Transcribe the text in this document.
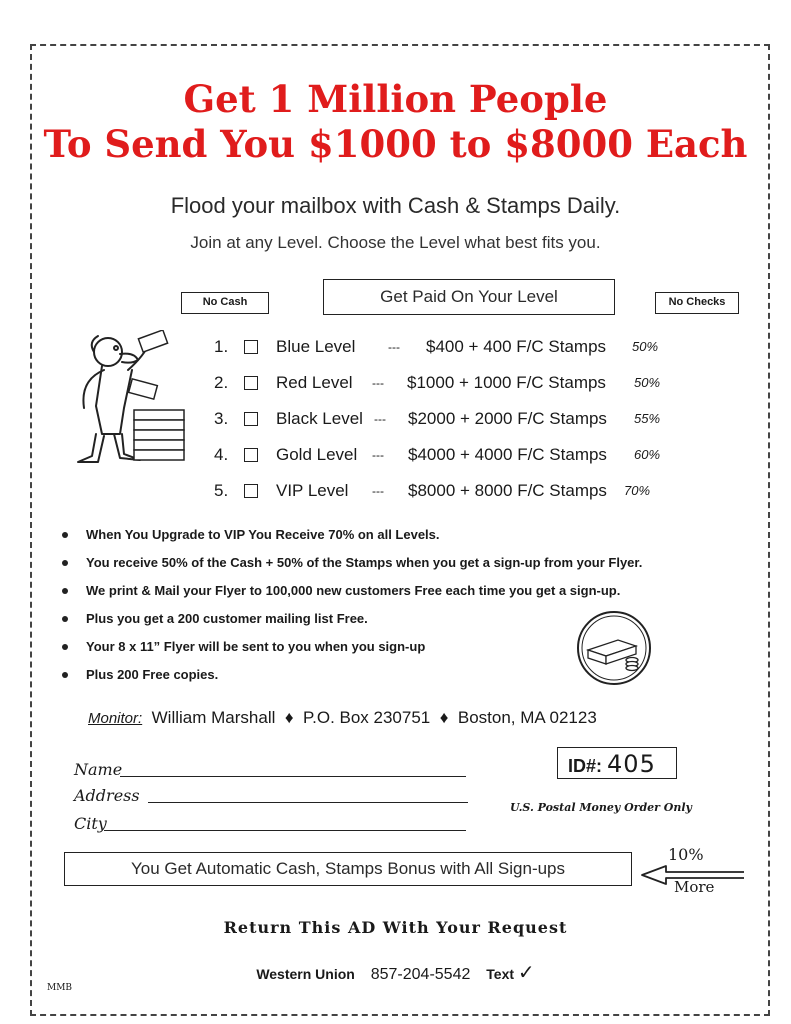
Get 1 Million People
To Send You $1000 to $8000 Each
Flood your mailbox with Cash & Stamps Daily.
Join at any Level. Choose the Level what best fits you.
No Cash	Get Paid On Your Level	No Checks
1.	Blue Level	--- $400 + 400 F/C Stamps 50%
2.	Red Level --- $1000 + 1000 F/C Stamps 50%
3.	Black Level --- $2000 + 2000 F/C Stamps 55%
4.	Gold Level --- $4000 + 4000 F/C Stamps 60%
5.	VIP Level --- $8000 + 8000 F/C Stamps 70%
When You Upgrade to VIP You Receive 70% on all Levels.
You receive 50% of the Cash + 50% of the Stamps when you get a sign-up from your Flyer.
We print & Mail your Flyer to 100,000 new customers Free each time you get a sign-up.
Plus you get a 200 customer mailing list Free.
Your 8 x 11” Flyer will be sent to you when you sign-up
Plus 200 Free copies.
Monitor: William Marshall ♦ P.O. Box 230751 ♦ Boston, MA 02123
Name
Address
City
ID#: 405
U.S. Postal Money Order Only
You Get Automatic Cash, Stamps Bonus with All Sign-ups
10%
More
Return This AD With Your Request
Western Union 857-204-5542 Text ✓
MMB
